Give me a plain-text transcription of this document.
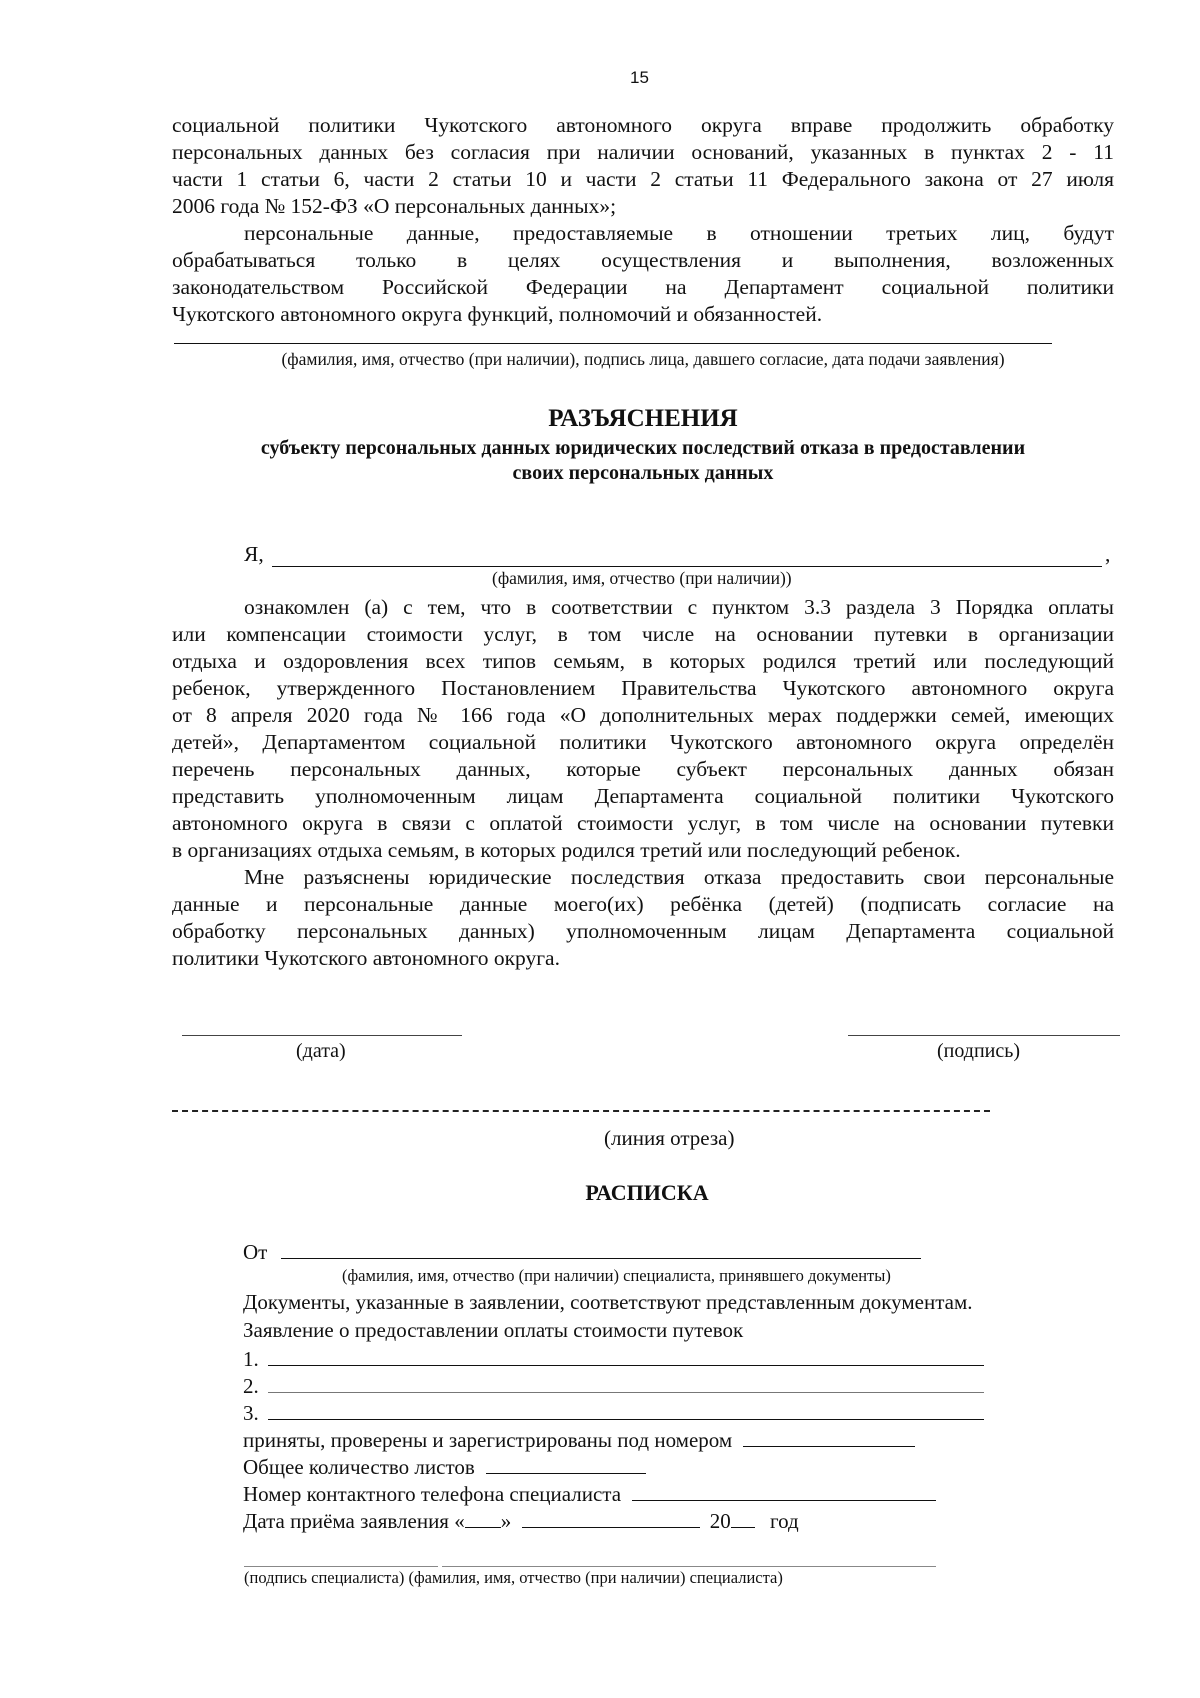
15
социальной политики Чукотского автономного округа вправе продолжить обработку
персональных данных без согласия при наличии оснований, указанных в пунктах 2 - 11
части 1 статьи 6, части 2 статьи 10 и части 2 статьи 11 Федерального закона от 27 июля
2006 года № 152-ФЗ «О персональных данных»;
персональные данные, предоставляемые в отношении третьих лиц, будут
обрабатываться только в целях осуществления и выполнения, возложенных
законодательством Российской Федерации на Департамент социальной политики
Чукотского автономного округа функций, полномочий и обязанностей.
(фамилия, имя, отчество (при наличии), подпись лица, давшего согласие, дата подачи заявления)
РАЗЪЯСНЕНИЯ
субъекту персональных данных юридических последствий отказа в предоставлении
своих персональных данных
Я,	,
(фамилия, имя, отчество (при наличии))
ознакомлен (а) с тем, что в соответствии с пунктом 3.3 раздела 3 Порядка оплаты
или компенсации стоимости услуг, в том числе на основании путевки в организации
отдыха и оздоровления всех типов семьям, в которых родился третий или последующий
ребенок, утвержденного Постановлением Правительства Чукотского автономного округа
от 8 апреля 2020 года № 166 года «О дополнительных мерах поддержки семей, имеющих
детей», Департаментом социальной политики Чукотского автономного округа определён
перечень персональных данных, которые субъект персональных данных обязан
представить уполномоченным лицам Департамента социальной политики Чукотского
автономного округа в связи с оплатой стоимости услуг, в том числе на основании путевки
в организациях отдыха семьям, в которых родился третий или последующий ребенок.
Мне разъяснены юридические последствия отказа предоставить свои персональные
данные и персональные данные моего(их) ребёнка (детей) (подписать согласие на
обработку персональных данных) уполномоченным лицам Департамента социальной
политики Чукотского автономного округа.
(дата)	(подпись)
(линия отреза)
РАСПИСКА
От
(фамилия, имя, отчество (при наличии) специалиста, принявшего документы)
Документы, указанные в заявлении, соответствуют представленным документам.
Заявление о предоставлении оплаты стоимости путевок
1.
2.
3.
приняты, проверены и зарегистрированы под номером
Общее количество листов
Номер контактного телефона специалиста
Дата приёма заявления « »	20 год
(подпись специалиста) (фамилия, имя, отчество (при наличии) специалиста)
